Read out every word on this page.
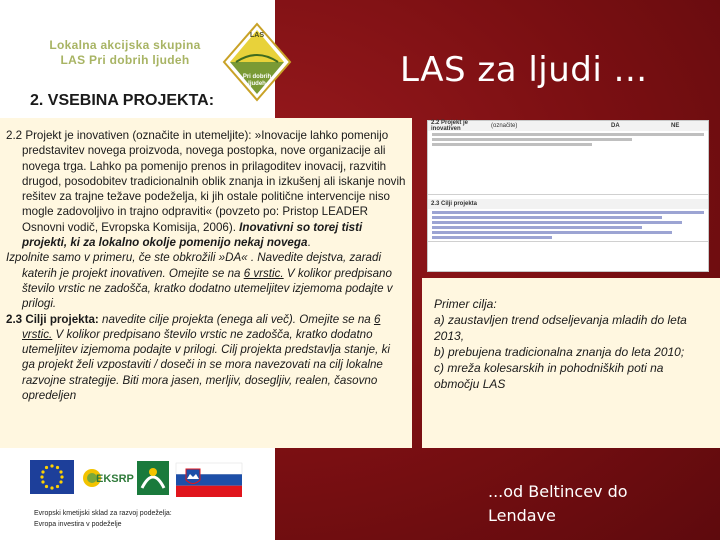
Lokalna akcijska skupina
LAS Pri dobrih ljudeh
LAS
Pri dobrih
ljudeh
2. VSEBINA PROJEKTA:
LAS za ljudi ...

2.2 Projekt je inovativen (označite in utemeljite): »Inovacije lahko pomenijo predstavitev novega proizvoda, novega postopka, nove organizacije ali novega trga. Lahko pa pomenijo prenos in prilagoditev inovacij, razvitih drugod, posodobitev tradicionalnih oblik znanja in izkušenj ali iskanje novih rešitev za trajne težave podeželja, ki jih ostale politične intervencije niso mogle zadovoljivo in trajno odpraviti« (povzeto po: Pristop LEADER Osnovni vodič, Evropska Komisija, 2006). Inovativni so torej tisti projekti, ki za lokalno okolje pomenijo nekaj novega.

Izpolnite samo v primeru, če ste obkrožili »DA« . Navedite dejstva, zaradi katerih je projekt inovativen. Omejite se na 6 vrstic. V kolikor predpisano število vrstic ne zadošča, kratko dodatno utemeljitev izjemoma podajte v prilogi.

2.3 Cilji projekta: navedite cilje projekta (enega ali več). Omejite se na 6 vrstic. V kolikor predpisano število vrstic ne zadošča, kratko dodatno utemeljitev izjemoma podajte v prilogi. Cilj projekta predstavlja stanje, ki ga projekt želi vzpostaviti / doseči in se mora navezovati na cilj lokalne razvojne strategije. Biti mora jasen, merljiv, dosegljiv, realen, časovno opredeljen

2.2 Projekt je inovativen	(označite)	DA	NE
2.3 Cilji projekta
Primer cilja:
a) zaustavljen trend odseljevanja mladih do leta 2013,
b) prebujena tradicionalna znanja do leta 2010;
c) mreža kolesarskih in pohodniških poti na območju LAS
EKSRP
Evropski kmetijski sklad za razvoj podeželja:
Evropa investira v podeželje
...od Beltincev do
Lendave
